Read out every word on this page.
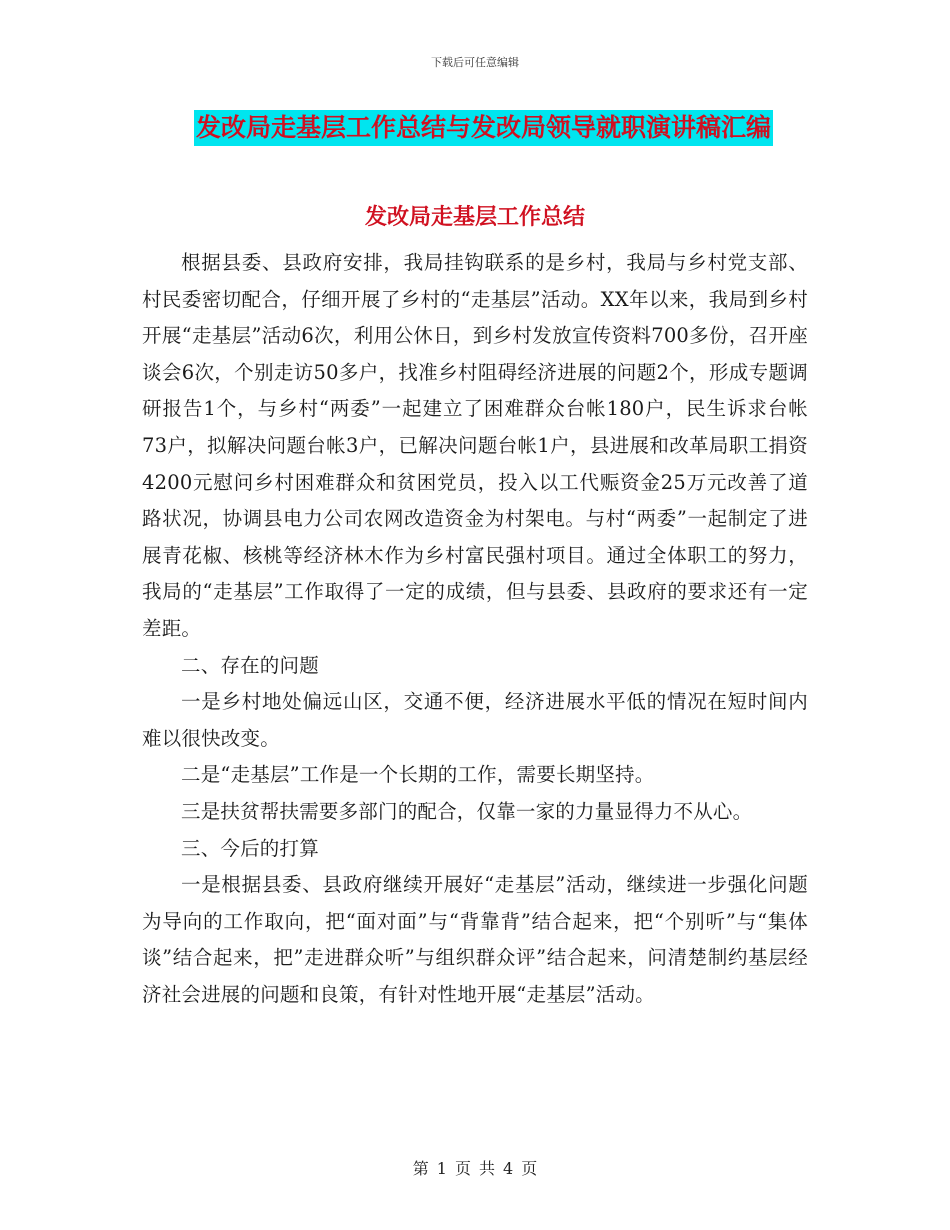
下载后可任意编辑
发改局走基层工作总结与发改局领导就职演讲稿汇编
发改局走基层工作总结

根据县委、县政府安排，我局挂钩联系的是乡村，我局与乡村党支部、村民委密切配合，仔细开展了乡村的“走基层”活动。XX年以来，我局到乡村开展“走基层”活动6次，利用公休日，到乡村发放宣传资料700多份，召开座谈会6次，个别走访50多户，找准乡村阻碍经济进展的问题2个，形成专题调研报告1个，与乡村“两委”一起建立了困难群众台帐180户，民生诉求台帐73户，拟解决问题台帐3户，已解决问题台帐1户，县进展和改革局职工捐资4200元慰问乡村困难群众和贫困党员，投入以工代赈资金25万元改善了道路状况，协调县电力公司农网改造资金为村架电。与村“两委”一起制定了进展青花椒、核桃等经济林木作为乡村富民强村项目。通过全体职工的努力，我局的“走基层”工作取得了一定的成绩，但与县委、县政府的要求还有一定差距。

二、存在的问题

一是乡村地处偏远山区，交通不便，经济进展水平低的情况在短时间内难以很快改变。

二是“走基层”工作是一个长期的工作，需要长期坚持。

三是扶贫帮扶需要多部门的配合，仅靠一家的力量显得力不从心。

三、今后的打算

一是根据县委、县政府继续开展好“走基层”活动，继续进一步强化问题为导向的工作取向，把“面对面”与“背靠背”结合起来，把“个别听”与“集体谈”结合起来，把”走进群众听”与组织群众评”结合起来，问清楚制约基层经济社会进展的问题和良策，有针对性地开展“走基层”活动。

第 1 页 共 4 页
